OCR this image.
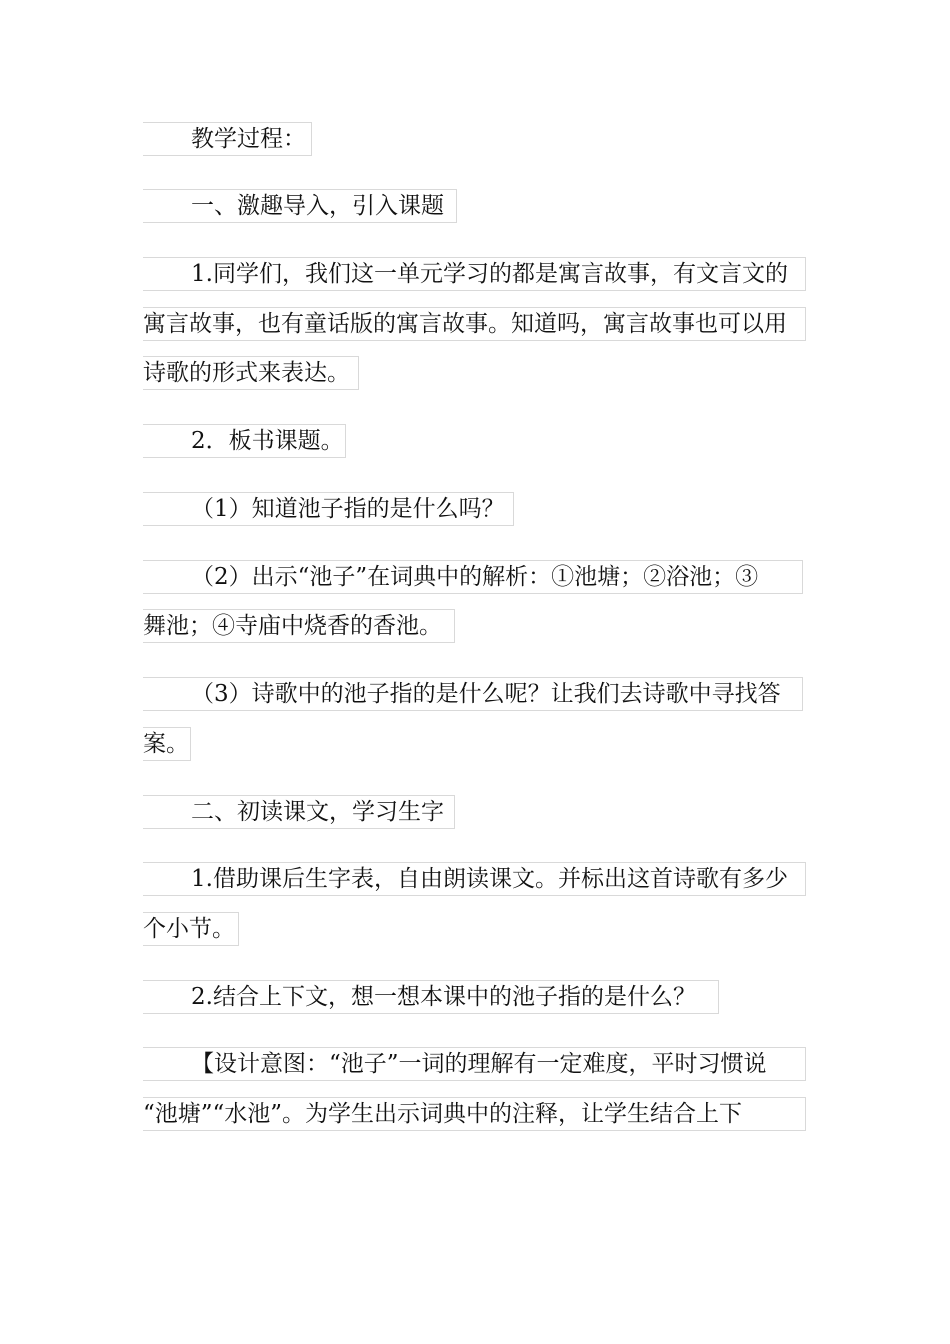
教学过程：
一、激趣导入，引入课题
1.同学们，我们这一单元学习的都是寓言故事，有文言文的
寓言故事，也有童话版的寓言故事。知道吗，寓言故事也可以用
诗歌的形式来表达。
2．板书课题。
（1）知道池子指的是什么吗？
（2）出示“池子”在词典中的解析：①池塘；②浴池；③
舞池；④寺庙中烧香的香池。
（3）诗歌中的池子指的是什么呢？让我们去诗歌中寻找答
案。
二、初读课文，学习生字
1.借助课后生字表，自由朗读课文。并标出这首诗歌有多少
个小节。
2.结合上下文，想一想本课中的池子指的是什么？
【设计意图：“池子”一词的理解有一定难度，平时习惯说
“池塘”“水池”。为学生出示词典中的注释，让学生结合上下
